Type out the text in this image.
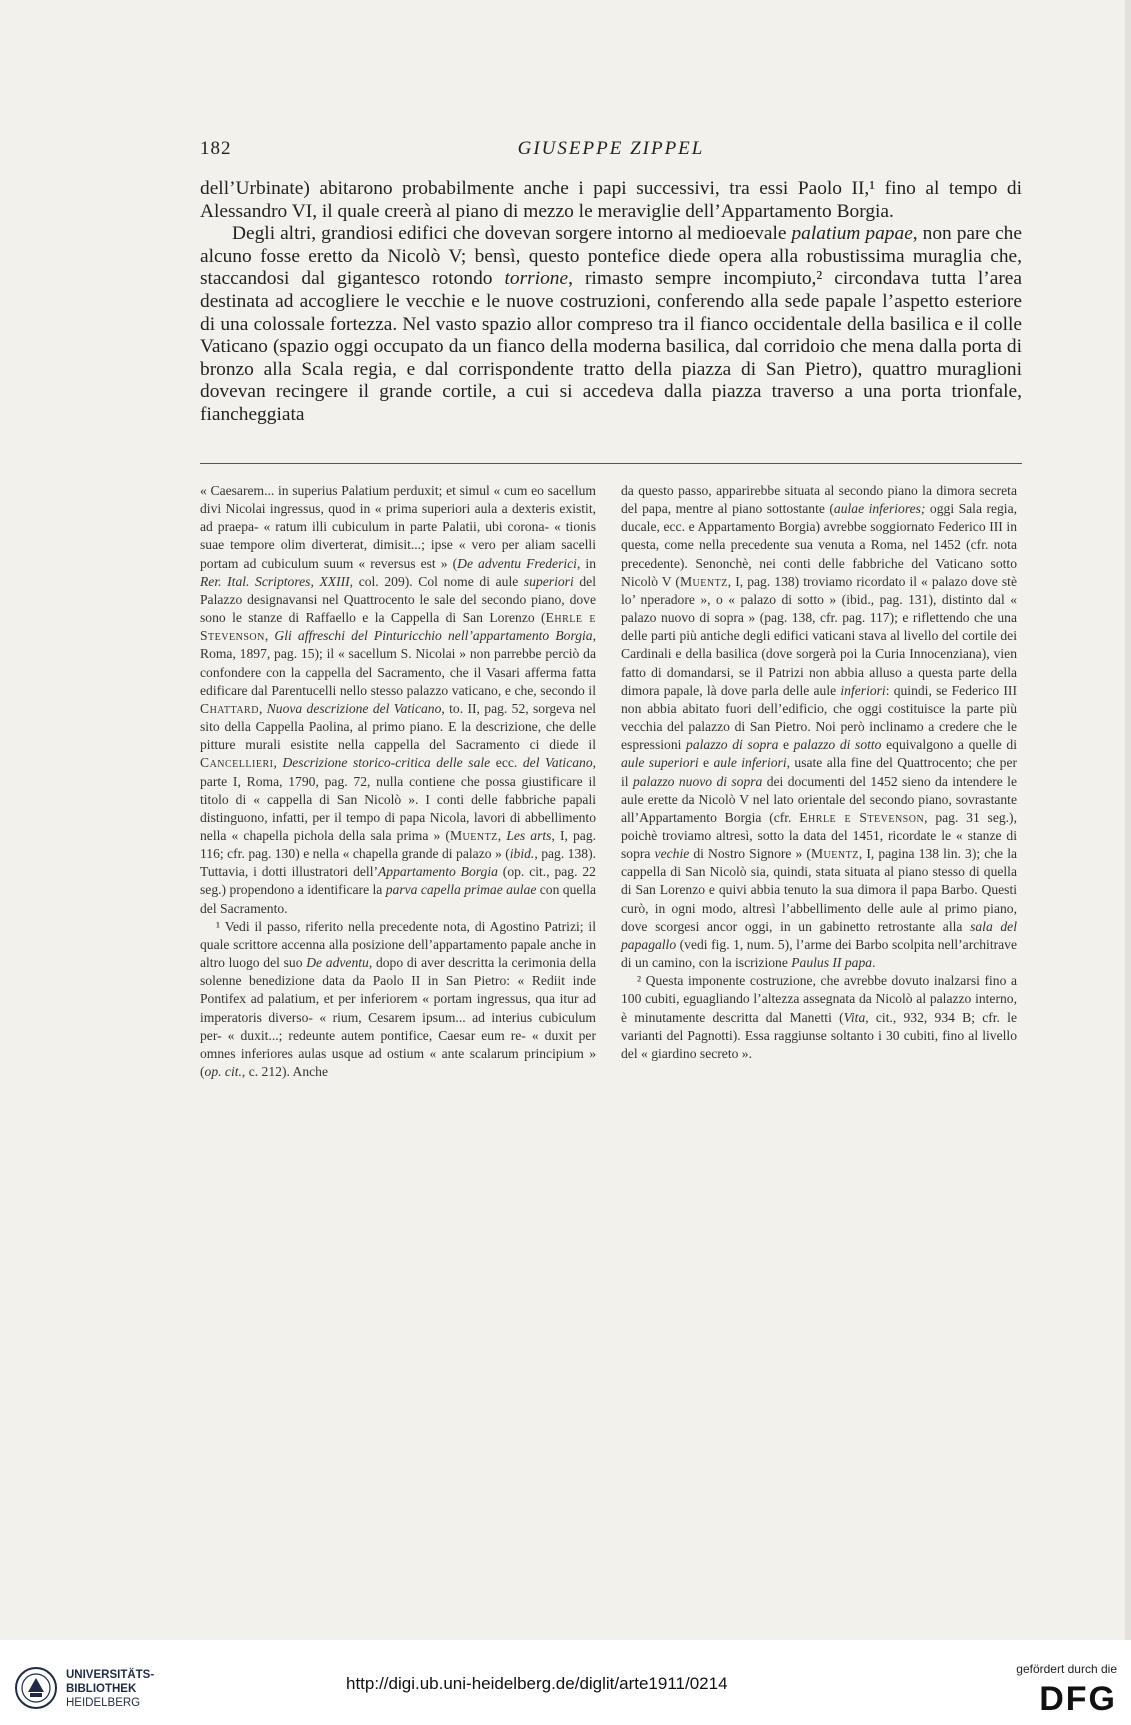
182	GIUSEPPE ZIPPEL

dell’Urbinate) abitarono probabilmente anche i papi successivi, tra essi Paolo II,¹ fino al tempo di Alessandro VI, il quale creerà al piano di mezzo le meraviglie dell’Appartamento Borgia.

Degli altri, grandiosi edifici che dovevan sorgere intorno al medioevale palatium papae, non pare che alcuno fosse eretto da Nicolò V; bensì, questo pontefice diede opera alla robustissima muraglia che, staccandosi dal gigantesco rotondo torrione, rimasto sempre incompiuto,² circondava tutta l’area destinata ad accogliere le vecchie e le nuove costruzioni, conferendo alla sede papale l’aspetto esteriore di una colossale fortezza. Nel vasto spazio allor compreso tra il fianco occidentale della basilica e il colle Vaticano (spazio oggi occupato da un fianco della moderna basilica, dal corridoio che mena dalla porta di bronzo alla Scala regia, e dal corrispondente tratto della piazza di San Pietro), quattro muraglioni dovevan recingere il grande cortile, a cui si accedeva dalla piazza traverso a una porta trionfale, fiancheggiata

« Caesarem... in superius Palatium perduxit; et simul « cum eo sacellum divi Nicolai ingressus, quod in « prima superiori aula a dexteris existit, ad praepa- « ratum illi cubiculum in parte Palatii, ubi corona- « tionis suae tempore olim diverterat, dimisit...; ipse « vero per aliam sacelli portam ad cubiculum suum « reversus est » (De adventu Frederici, in Rer. Ital. Scriptores, XXIII, col. 209). Col nome di aule superiori del Palazzo designavansi nel Quattrocento le sale del secondo piano, dove sono le stanze di Raffaello e la Cappella di San Lorenzo (Ehrle e Stevenson, Gli affreschi del Pinturicchio nell’appartamento Borgia, Roma, 1897, pag. 15); il « sacellum S. Nicolai » non parrebbe perciò da confondere con la cappella del Sacramento, che il Vasari afferma fatta edificare dal Parentucelli nello stesso palazzo vaticano, e che, secondo il Chattard, Nuova descrizione del Vaticano, to. II, pag. 52, sorgeva nel sito della Cappella Paolina, al primo piano. E la descrizione, che delle pitture murali esistite nella cappella del Sacramento ci diede il Cancellieri, Descrizione storico-critica delle sale ecc. del Vaticano, parte I, Roma, 1790, pag. 72, nulla contiene che possa giustificare il titolo di « cappella di San Nicolò ». I conti delle fabbriche papali distinguono, infatti, per il tempo di papa Nicola, lavori di abbellimento nella « chapella pichola della sala prima » (Muentz, Les arts, I, pag. 116; cfr. pag. 130) e nella « chapella grande di palazo » (ibid., pag. 138). Tuttavia, i dotti illustratori dell’Appartamento Borgia (op. cit., pag. 22 seg.) propendono a identificare la parva capella primae aulae con quella del Sacramento.

¹ Vedi il passo, riferito nella precedente nota, di Agostino Patrizi; il quale scrittore accenna alla posizione dell’appartamento papale anche in altro luogo del suo De adventu, dopo di aver descritta la cerimonia della solenne benedizione data da Paolo II in San Pietro: « Rediit inde Pontifex ad palatium, et per inferiorem « portam ingressus, qua itur ad imperatoris diverso- « rium, Cesarem ipsum... ad interius cubiculum per- « duxit...; redeunte autem pontifice, Caesar eum re- « duxit per omnes inferiores aulas usque ad ostium « ante scalarum principium » (op. cit., c. 212). Anche

da questo passo, apparirebbe situata al secondo piano la dimora secreta del papa, mentre al piano sottostante (aulae inferiores; oggi Sala regia, ducale, ecc. e Appartamento Borgia) avrebbe soggiornato Federico III in questa, come nella precedente sua venuta a Roma, nel 1452 (cfr. nota precedente). Senonchè, nei conti delle fabbriche del Vaticano sotto Nicolò V (Muentz, I, pag. 138) troviamo ricordato il « palazo dove stè lo’ nperadore », o « palazo di sotto » (ibid., pag. 131), distinto dal « palazo nuovo di sopra » (pag. 138, cfr. pag. 117); e riflettendo che una delle parti più antiche degli edifici vaticani stava al livello del cortile dei Cardinali e della basilica (dove sorgerà poi la Curia Innocenziana), vien fatto di domandarsi, se il Patrizi non abbia alluso a questa parte della dimora papale, là dove parla delle aule inferiori: quindi, se Federico III non abbia abitato fuori dell’edificio, che oggi costituisce la parte più vecchia del palazzo di San Pietro. Noi però inclinamo a credere che le espressioni palazzo di sopra e palazzo di sotto equivalgono a quelle di aule superiori e aule inferiori, usate alla fine del Quattrocento; che per il palazzo nuovo di sopra dei documenti del 1452 sieno da intendere le aule erette da Nicolò V nel lato orientale del secondo piano, sovrastante all’Appartamento Borgia (cfr. Ehrle e Stevenson, pag. 31 seg.), poichè troviamo altresì, sotto la data del 1451, ricordate le « stanze di sopra vechie di Nostro Signore » (Muentz, I, pagina 138 lin. 3); che la cappella di San Nicolò sia, quindi, stata situata al piano stesso di quella di San Lorenzo e quivi abbia tenuto la sua dimora il papa Barbo. Questi curò, in ogni modo, altresì l’abbellimento delle aule al primo piano, dove scorgesi ancor oggi, in un gabinetto retrostante alla sala del papagallo (vedi fig. 1, num. 5), l’arme dei Barbo scolpita nell’architrave di un camino, con la iscrizione Paulus II papa.

² Questa imponente costruzione, che avrebbe dovuto inalzarsi fino a 100 cubiti, eguagliando l’altezza assegnata da Nicolò al palazzo interno, è minutamente descritta dal Manetti (Vita, cit., 932, 934 B; cfr. le varianti del Pagnotti). Essa raggiunse soltanto i 30 cubiti, fino al livello del « giardino secreto ».

UNIVERSITÄTS-
BIBLIOTHEK
HEIDELBERG
http://digi.ub.uni-heidelberg.de/diglit/arte1911/0214
gefördert durch die
DFG
